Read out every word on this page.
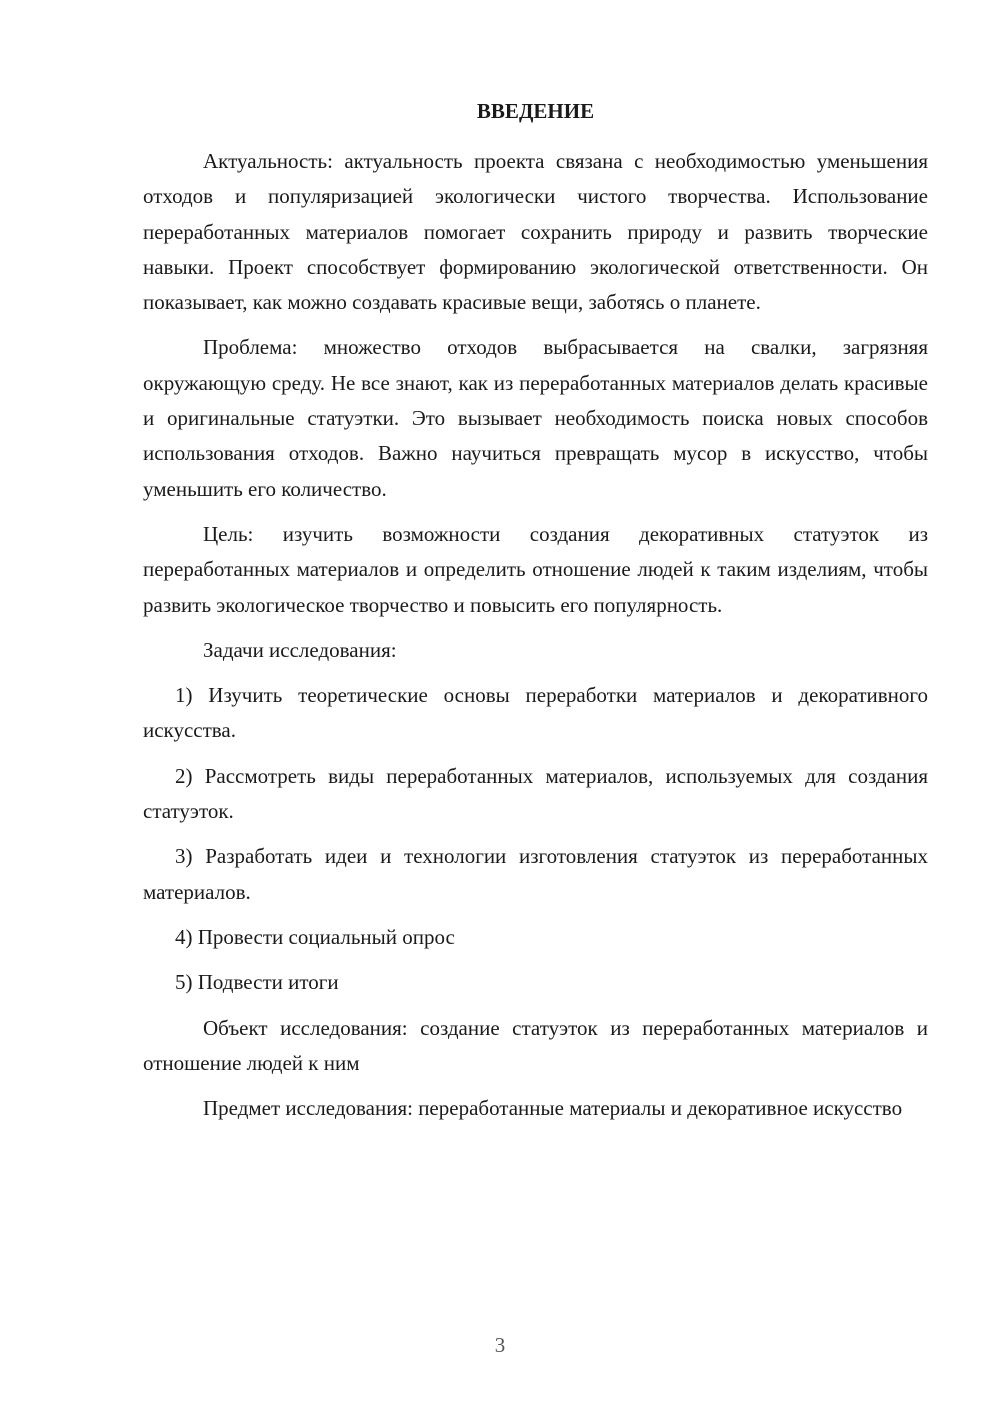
ВВЕДЕНИЕ

Актуальность: актуальность проекта связана с необходимостью уменьшения отходов и популяризацией экологически чистого творчества. Использование переработанных материалов помогает сохранить природу и развить творческие навыки. Проект способствует формированию экологической ответственности. Он показывает, как можно создавать красивые вещи, заботясь о планете.

Проблема: множество отходов выбрасывается на свалки, загрязняя окружающую среду. Не все знают, как из переработанных материалов делать красивые и оригинальные статуэтки. Это вызывает необходимость поиска новых способов использования отходов. Важно научиться превращать мусор в искусство, чтобы уменьшить его количество.

Цель: изучить возможности создания декоративных статуэток из переработанных материалов и определить отношение людей к таким изделиям, чтобы развить экологическое творчество и повысить его популярность.

Задачи исследования:

1) Изучить теоретические основы переработки материалов и декоративного искусства.

2) Рассмотреть виды переработанных материалов, используемых для создания статуэток.

3) Разработать идеи и технологии изготовления статуэток из переработанных материалов.

4) Провести социальный опрос

5) Подвести итоги

Объект исследования: создание статуэток из переработанных материалов и отношение людей к ним

Предмет исследования: переработанные материалы и декоративное искусство

3
